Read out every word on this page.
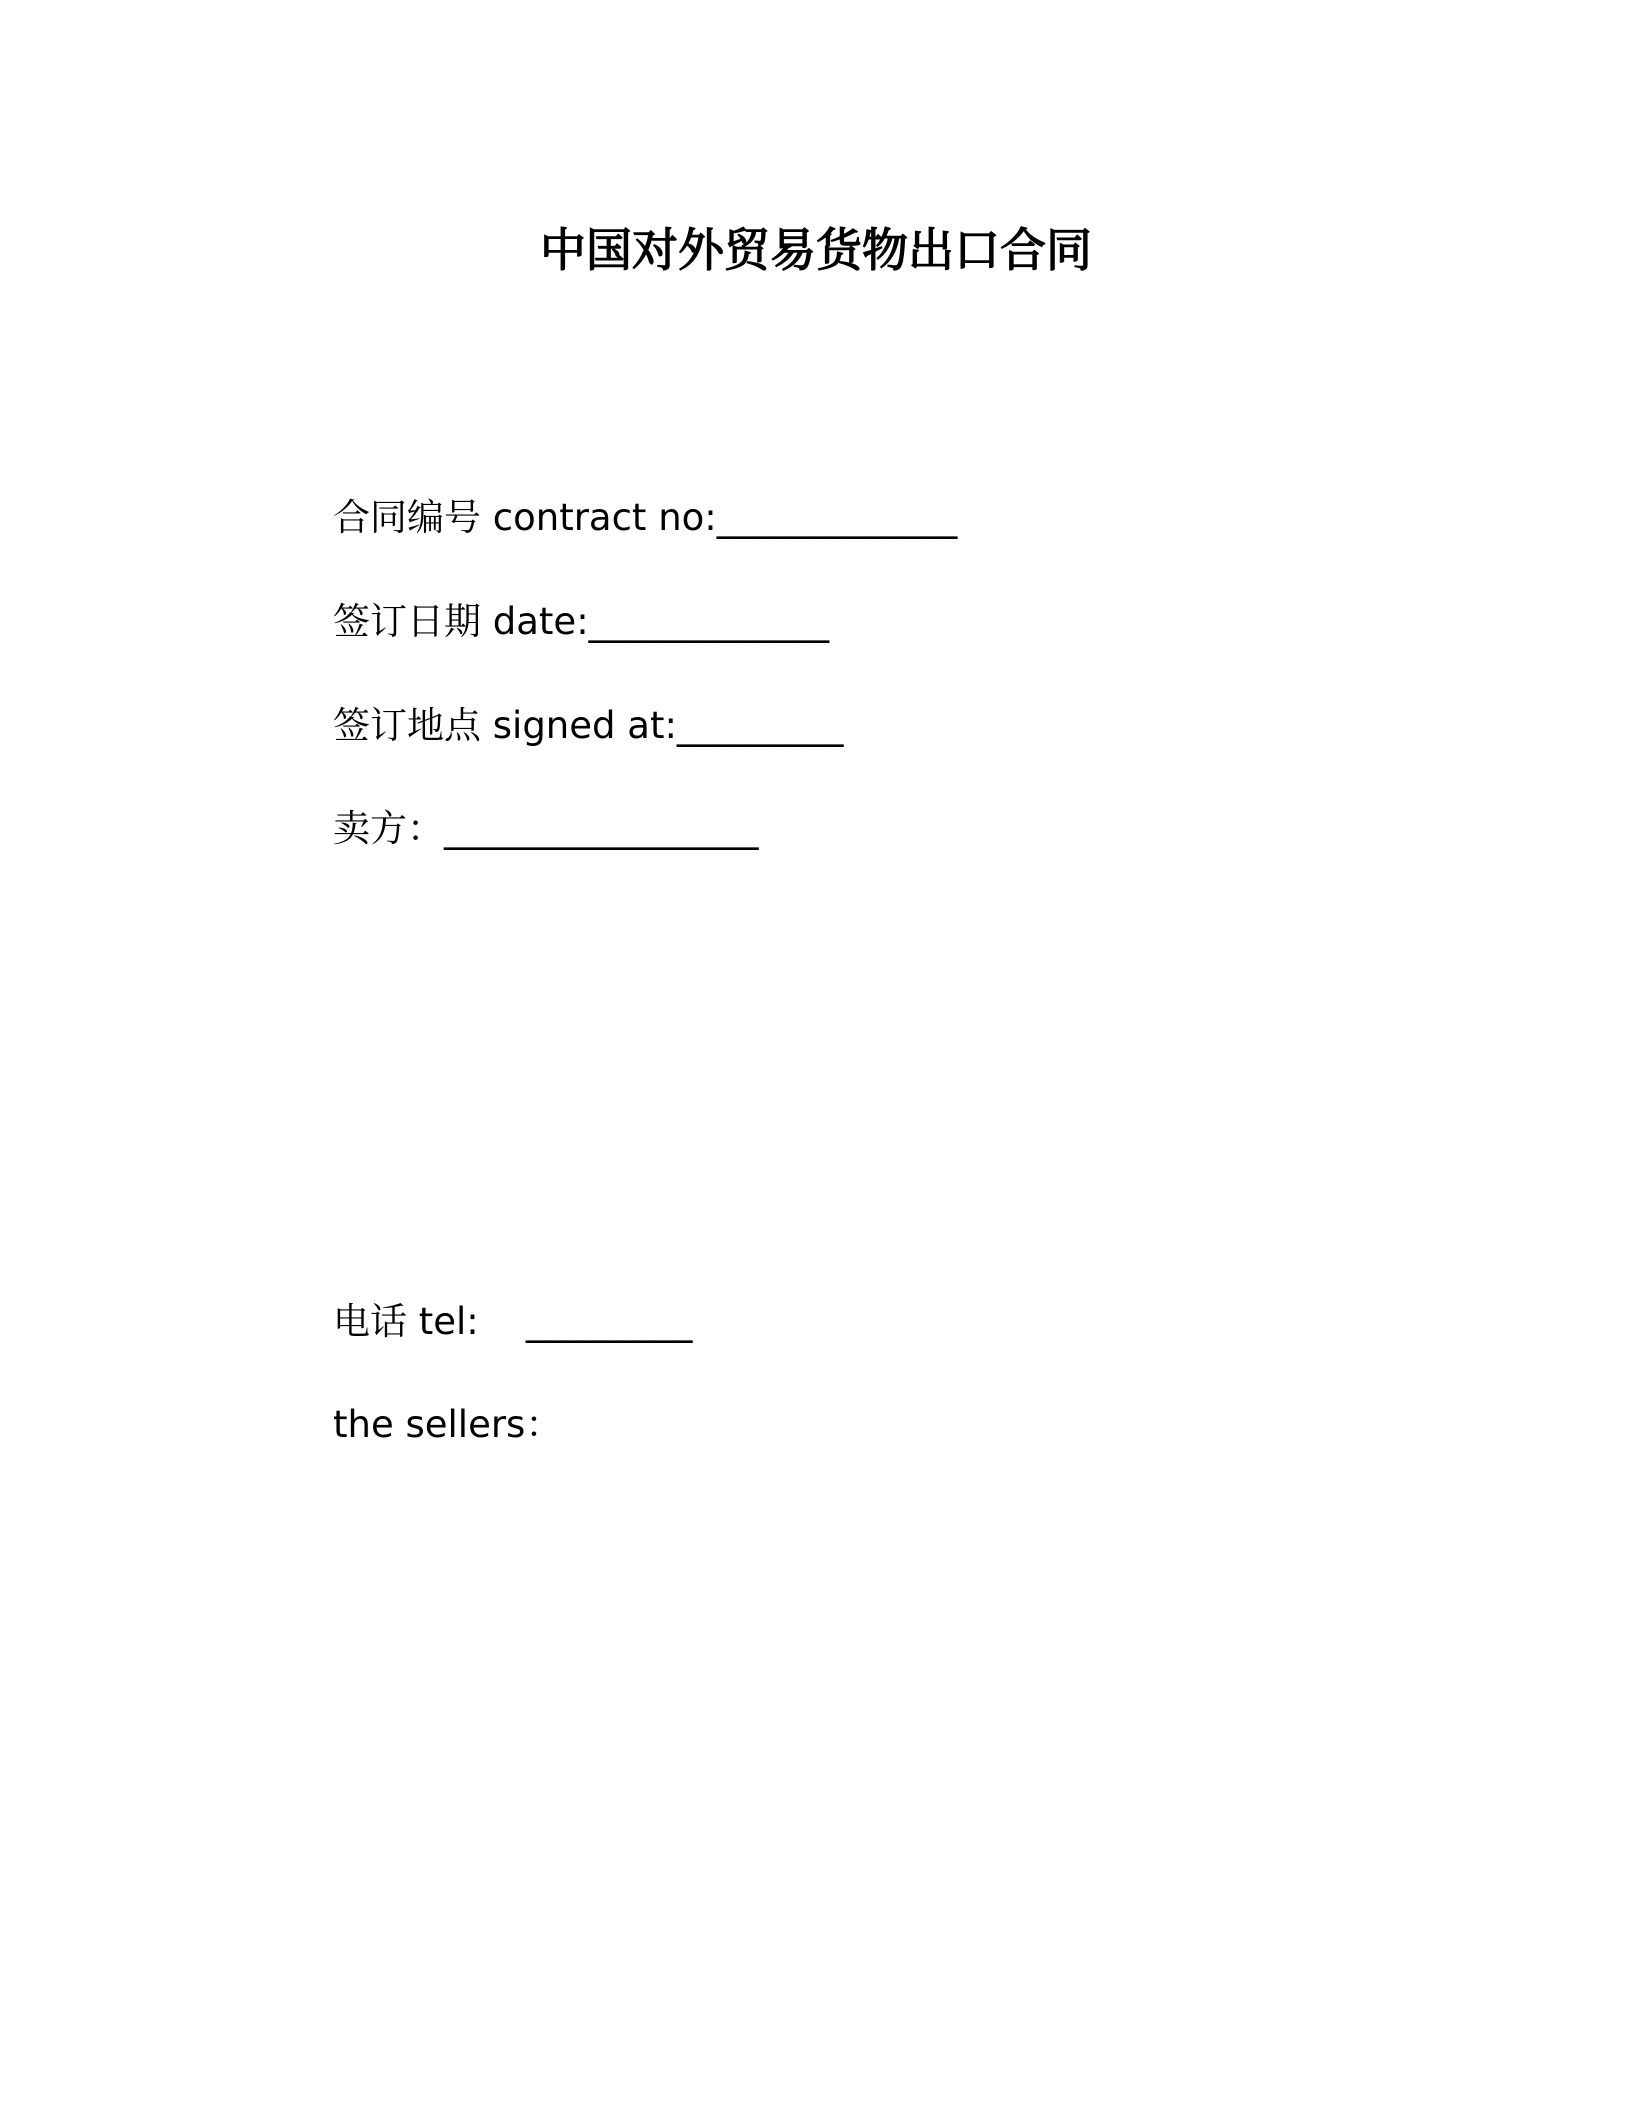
中国对外贸易货物出口合同
合同编号 contract no:_____________
签订日期 date:_____________
签订地点 signed at:_________
卖方：_________________
电话 tel:    _________
the sellers：
